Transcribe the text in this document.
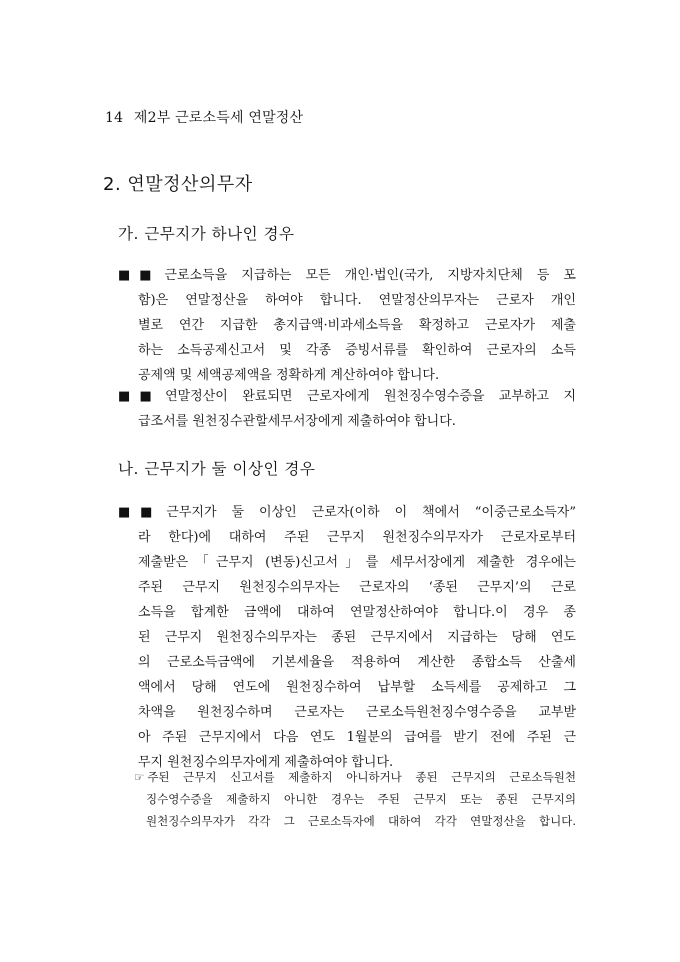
14 제2부 근로소득세 연말정산
2. 연말정산의무자
가. 근무지가 하나인 경우
■■ 근로소득을 지급하는 모든 개인·법인(국가, 지방자치단체 등 포
함)은 연말정산을 하여야 합니다. 연말정산의무자는 근로자 개인
별로 연간 지급한 총지급액·비과세소득을 확정하고 근로자가 제출
하는 소득공제신고서 및 각종 증빙서류를 확인하여 근로자의 소득
공제액 및 세액공제액을 정확하게 계산하여야 합니다.
■■ 연말정산이 완료되면 근로자에게 원천징수영수증을 교부하고 지
급조서를 원천징수관할세무서장에게 제출하여야 합니다.
나. 근무지가 둘 이상인 경우
■■ 근무지가 둘 이상인 근로자(이하 이 책에서 “이중근로소득자”
라 한다)에 대하여 주된 근무지 원천징수의무자가 근로자로부터
제출받은「근무지 (변동)신고서」를 세무서장에게 제출한 경우에는
주된 근무지 원천징수의무자는 근로자의 ‘종된 근무지’의 근로
소득을 합계한 금액에 대하여 연말정산하여야 합니다.이 경우 종
된 근무지 원천징수의무자는 종된 근무지에서 지급하는 당해 연도
의 근로소득금액에 기본세율을 적용하여 계산한 종합소득 산출세
액에서 당해 연도에 원천징수하여 납부할 소득세를 공제하고 그
차액을 원천징수하며 근로자는 근로소득원천징수영수증을 교부받
아 주된 근무지에서 다음 연도 1월분의 급여를 받기 전에 주된 근
무지 원천징수의무자에게 제출하여야 합니다.
☞ 주된 근무지 신고서를 제출하지 아니하거나 종된 근무지의 근로소득원천
징수영수증을 제출하지 아니한 경우는 주된 근무지 또는 종된 근무지의
원천징수의무자가 각각 그 근로소득자에 대하여 각각 연말정산을 합니다.
